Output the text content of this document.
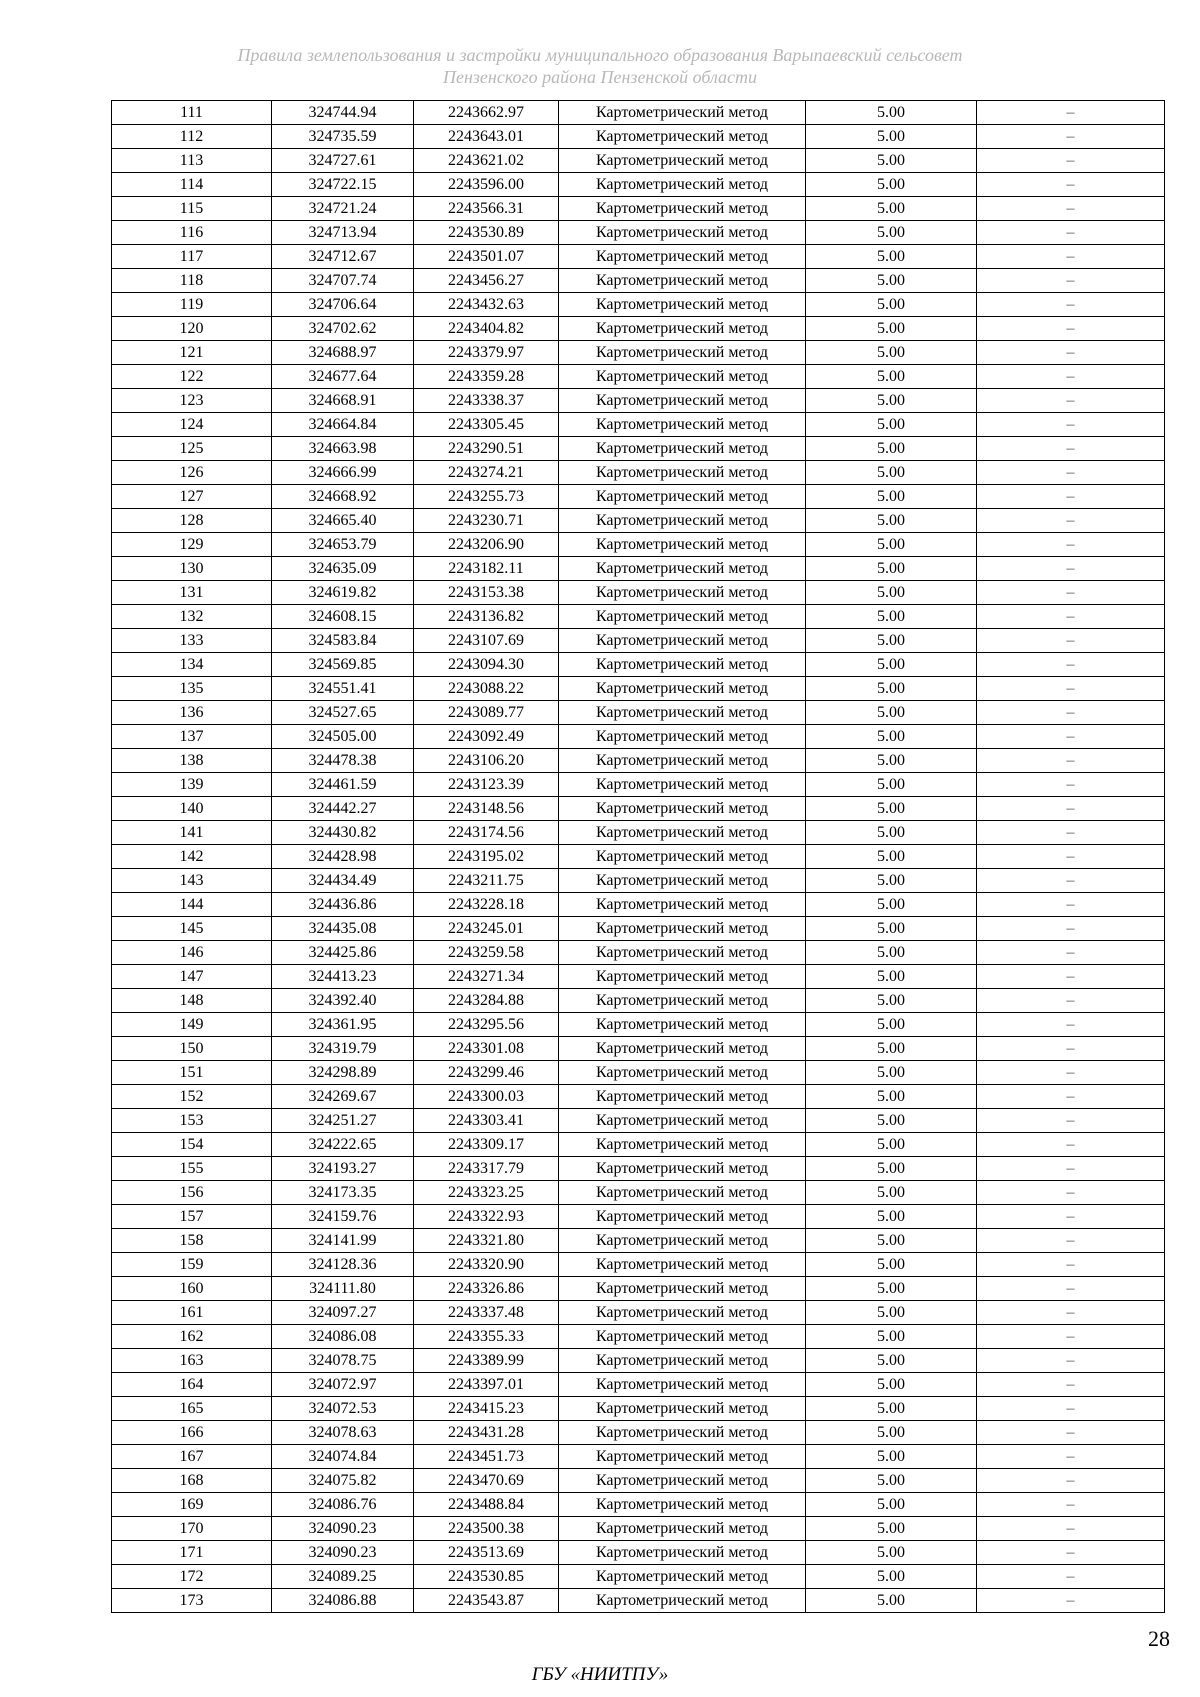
Правила землепользования и застройки муниципального образования Варыпаевский сельсовет
Пензенского района Пензенской области
111	324744.94	2243662.97	Картометрический метод	5.00	–
112	324735.59	2243643.01	Картометрический метод	5.00	–
113	324727.61	2243621.02	Картометрический метод	5.00	–
114	324722.15	2243596.00	Картометрический метод	5.00	–
115	324721.24	2243566.31	Картометрический метод	5.00	–
116	324713.94	2243530.89	Картометрический метод	5.00	–
117	324712.67	2243501.07	Картометрический метод	5.00	–
118	324707.74	2243456.27	Картометрический метод	5.00	–
119	324706.64	2243432.63	Картометрический метод	5.00	–
120	324702.62	2243404.82	Картометрический метод	5.00	–
121	324688.97	2243379.97	Картометрический метод	5.00	–
122	324677.64	2243359.28	Картометрический метод	5.00	–
123	324668.91	2243338.37	Картометрический метод	5.00	–
124	324664.84	2243305.45	Картометрический метод	5.00	–
125	324663.98	2243290.51	Картометрический метод	5.00	–
126	324666.99	2243274.21	Картометрический метод	5.00	–
127	324668.92	2243255.73	Картометрический метод	5.00	–
128	324665.40	2243230.71	Картометрический метод	5.00	–
129	324653.79	2243206.90	Картометрический метод	5.00	–
130	324635.09	2243182.11	Картометрический метод	5.00	–
131	324619.82	2243153.38	Картометрический метод	5.00	–
132	324608.15	2243136.82	Картометрический метод	5.00	–
133	324583.84	2243107.69	Картометрический метод	5.00	–
134	324569.85	2243094.30	Картометрический метод	5.00	–
135	324551.41	2243088.22	Картометрический метод	5.00	–
136	324527.65	2243089.77	Картометрический метод	5.00	–
137	324505.00	2243092.49	Картометрический метод	5.00	–
138	324478.38	2243106.20	Картометрический метод	5.00	–
139	324461.59	2243123.39	Картометрический метод	5.00	–
140	324442.27	2243148.56	Картометрический метод	5.00	–
141	324430.82	2243174.56	Картометрический метод	5.00	–
142	324428.98	2243195.02	Картометрический метод	5.00	–
143	324434.49	2243211.75	Картометрический метод	5.00	–
144	324436.86	2243228.18	Картометрический метод	5.00	–
145	324435.08	2243245.01	Картометрический метод	5.00	–
146	324425.86	2243259.58	Картометрический метод	5.00	–
147	324413.23	2243271.34	Картометрический метод	5.00	–
148	324392.40	2243284.88	Картометрический метод	5.00	–
149	324361.95	2243295.56	Картометрический метод	5.00	–
150	324319.79	2243301.08	Картометрический метод	5.00	–
151	324298.89	2243299.46	Картометрический метод	5.00	–
152	324269.67	2243300.03	Картометрический метод	5.00	–
153	324251.27	2243303.41	Картометрический метод	5.00	–
154	324222.65	2243309.17	Картометрический метод	5.00	–
155	324193.27	2243317.79	Картометрический метод	5.00	–
156	324173.35	2243323.25	Картометрический метод	5.00	–
157	324159.76	2243322.93	Картометрический метод	5.00	–
158	324141.99	2243321.80	Картометрический метод	5.00	–
159	324128.36	2243320.90	Картометрический метод	5.00	–
160	324111.80	2243326.86	Картометрический метод	5.00	–
161	324097.27	2243337.48	Картометрический метод	5.00	–
162	324086.08	2243355.33	Картометрический метод	5.00	–
163	324078.75	2243389.99	Картометрический метод	5.00	–
164	324072.97	2243397.01	Картометрический метод	5.00	–
165	324072.53	2243415.23	Картометрический метод	5.00	–
166	324078.63	2243431.28	Картометрический метод	5.00	–
167	324074.84	2243451.73	Картометрический метод	5.00	–
168	324075.82	2243470.69	Картометрический метод	5.00	–
169	324086.76	2243488.84	Картометрический метод	5.00	–
170	324090.23	2243500.38	Картометрический метод	5.00	–
171	324090.23	2243513.69	Картометрический метод	5.00	–
172	324089.25	2243530.85	Картометрический метод	5.00	–
173	324086.88	2243543.87	Картометрический метод	5.00	–
28
ГБУ «НИИТПУ»
